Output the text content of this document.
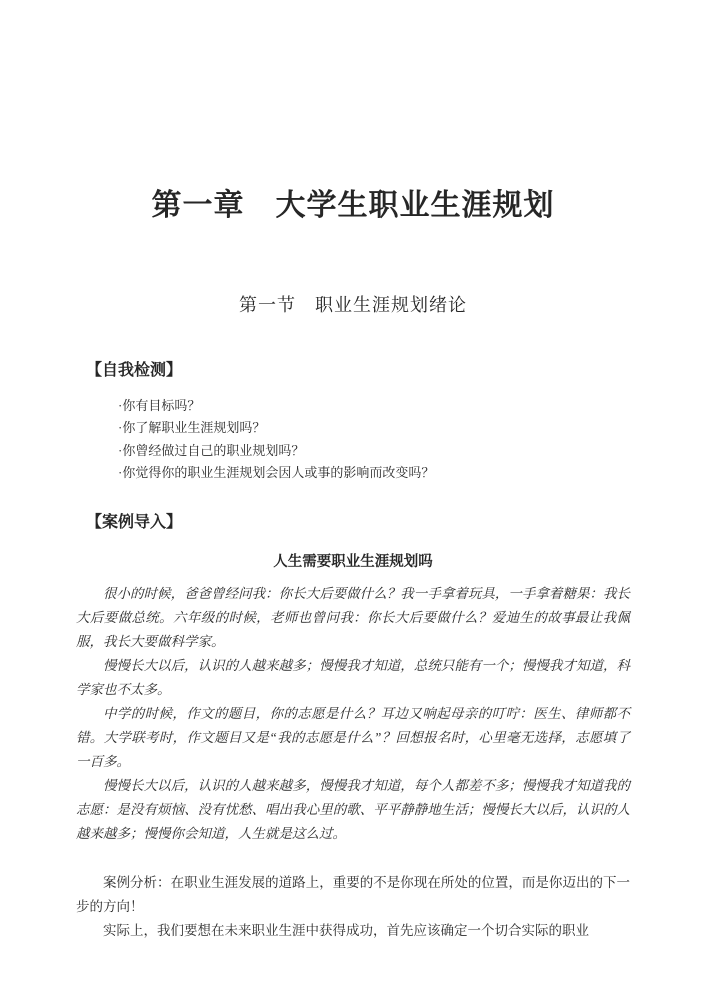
第一章　大学生职业生涯规划
第一节　职业生涯规划绪论
【自我检测】
·你有目标吗？
·你了解职业生涯规划吗？
·你曾经做过自己的职业规划吗？
·你觉得你的职业生涯规划会因人或事的影响而改变吗？
【案例导入】
人生需要职业生涯规划吗

很小的时候，爸爸曾经问我：你长大后要做什么？我一手拿着玩具，一手拿着糖果：我长大后要做总统。六年级的时候，老师也曾问我：你长大后要做什么？爱迪生的故事最让我佩服，我长大要做科学家。

慢慢长大以后，认识的人越来越多；慢慢我才知道，总统只能有一个；慢慢我才知道，科学家也不太多。

中学的时候，作文的题目，你的志愿是什么？耳边又响起母亲的叮咛：医生、律师都不错。大学联考时，作文题目又是“我的志愿是什么”？回想报名时，心里毫无选择，志愿填了一百多。

慢慢长大以后，认识的人越来越多，慢慢我才知道，每个人都差不多；慢慢我才知道我的志愿：是没有烦恼、没有忧愁、唱出我心里的歌、平平静静地生活；慢慢长大以后，认识的人越来越多；慢慢你会知道，人生就是这么过。

案例分析：在职业生涯发展的道路上，重要的不是你现在所处的位置，而是你迈出的下一步的方向！

实际上，我们要想在未来职业生涯中获得成功，首先应该确定一个切合实际的职业
